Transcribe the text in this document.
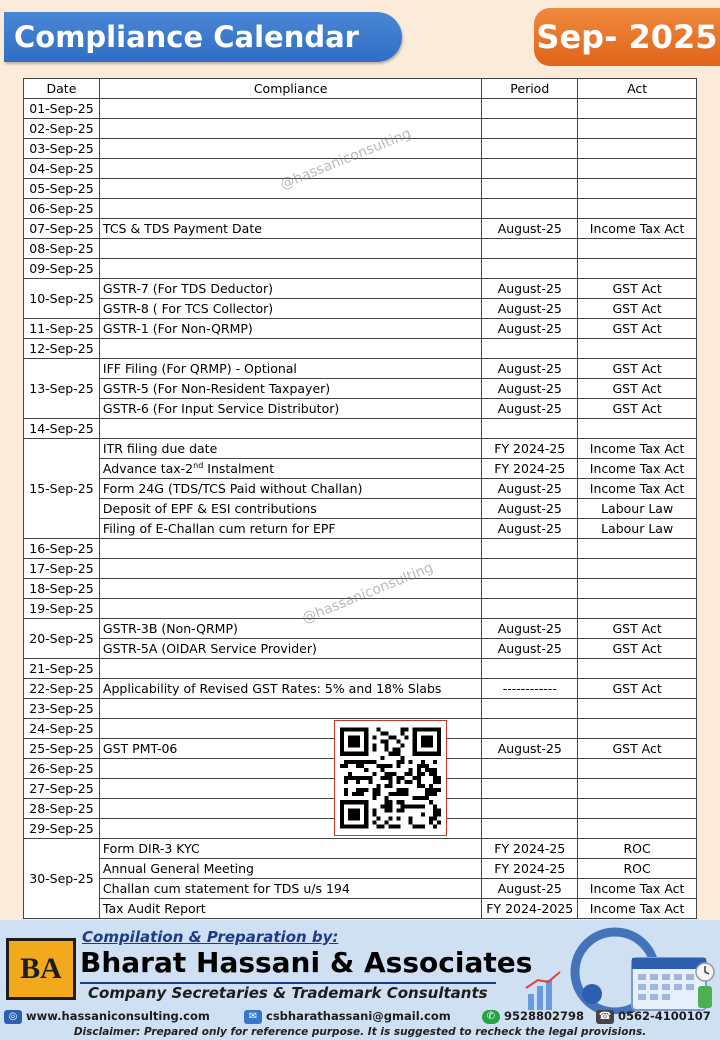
Compliance Calendar	Sep- 2025
Date	Compliance	Period	Act
01-Sep-25			
02-Sep-25			
03-Sep-25			
04-Sep-25			
05-Sep-25			
06-Sep-25			
07-Sep-25	TCS & TDS Payment Date	August-25	Income Tax Act
08-Sep-25			
09-Sep-25			
10-Sep-25	GSTR-7 (For TDS Deductor)	August-25	GST Act
	GSTR-8 ( For TCS Collector)	August-25	GST Act
11-Sep-25	GSTR-1 (For Non-QRMP)	August-25	GST Act
12-Sep-25			
13-Sep-25	IFF Filing (For QRMP) - Optional	August-25	GST Act
	GSTR-5 (For Non-Resident Taxpayer)	August-25	GST Act
	GSTR-6 (For Input Service Distributor)	August-25	GST Act
14-Sep-25			
15-Sep-25	ITR filing due date	FY 2024-25	Income Tax Act
	Advance tax-2nd Instalment	FY 2024-25	Income Tax Act
	Form 24G (TDS/TCS Paid without Challan)	August-25	Income Tax Act
	Deposit of EPF & ESI contributions	August-25	Labour Law
	Filing of E-Challan cum return for EPF	August-25	Labour Law
16-Sep-25			
17-Sep-25			
18-Sep-25			
19-Sep-25			
20-Sep-25	GSTR-3B (Non-QRMP)	August-25	GST Act
	GSTR-5A (OIDAR Service Provider)	August-25	GST Act
21-Sep-25			
22-Sep-25	Applicability of Revised GST Rates: 5% and 18% Slabs	------------	GST Act
23-Sep-25			
24-Sep-25			
25-Sep-25	GST PMT-06	August-25	GST Act
26-Sep-25			
27-Sep-25			
28-Sep-25			
29-Sep-25			
30-Sep-25	Form DIR-3 KYC	FY 2024-25	ROC
	Annual General Meeting	FY 2024-25	ROC
	Challan cum statement for TDS u/s 194	August-25	Income Tax Act
	Tax Audit Report	FY 2024-2025	Income Tax Act
@hassaniconsulting
@hassaniconsulting
BA
Compilation & Preparation by:
Bharat Hassani & Associates
Company Secretaries & Trademark Consultants
◎ www.hassaniconsulting.com	✉ csbharathassani@gmail.com	✆ 9528802798 ☎ 0562-4100107
Disclaimer: Prepared only for reference purpose. It is suggested to recheck the legal provisions.
